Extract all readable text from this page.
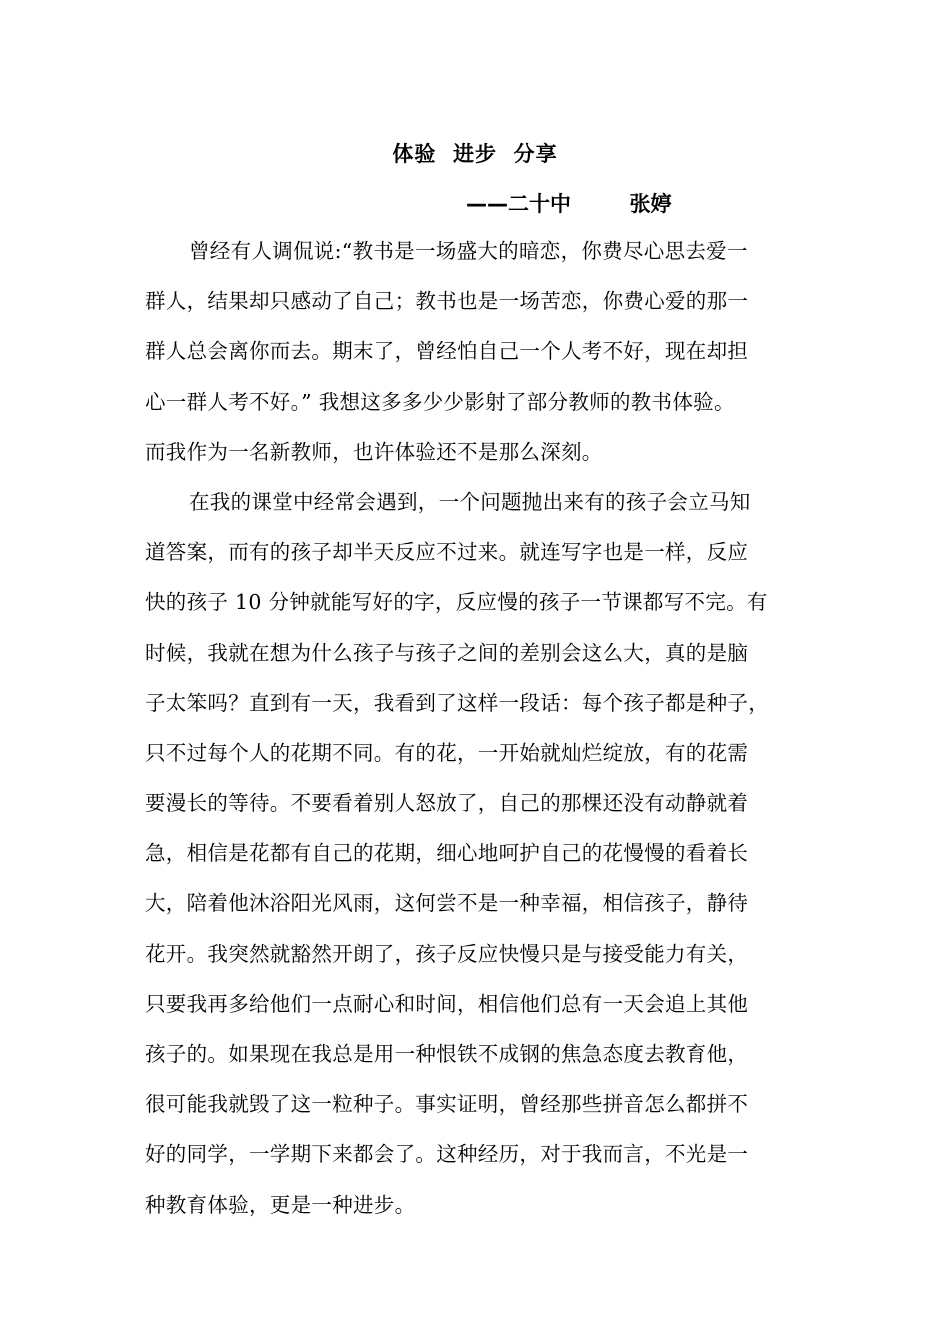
体验  进步  分享
——二十中        张婷
曾经有人调侃说:“教书是一场盛大的暗恋，你费尽心思去爱一
群人，结果却只感动了自己；教书也是一场苦恋，你费心爱的那一
群人总会离你而去。期末了，曾经怕自己一个人考不好，现在却担
心一群人考不好。” 我想这多多少少影射了部分教师的教书体验。
而我作为一名新教师，也许体验还不是那么深刻。
在我的课堂中经常会遇到，一个问题抛出来有的孩子会立马知
道答案，而有的孩子却半天反应不过来。就连写字也是一样，反应
快的孩子 10 分钟就能写好的字，反应慢的孩子一节课都写不完。有
时候，我就在想为什么孩子与孩子之间的差别会这么大，真的是脑
子太笨吗？直到有一天，我看到了这样一段话：每个孩子都是种子，
只不过每个人的花期不同。有的花，一开始就灿烂绽放，有的花需
要漫长的等待。不要看着别人怒放了，自己的那棵还没有动静就着
急，相信是花都有自己的花期，细心地呵护自己的花慢慢的看着长
大，陪着他沐浴阳光风雨，这何尝不是一种幸福，相信孩子，静待
花开。我突然就豁然开朗了，孩子反应快慢只是与接受能力有关，
只要我再多给他们一点耐心和时间，相信他们总有一天会追上其他
孩子的。如果现在我总是用一种恨铁不成钢的焦急态度去教育他，
很可能我就毁了这一粒种子。事实证明，曾经那些拼音怎么都拼不
好的同学，一学期下来都会了。这种经历，对于我而言，不光是一
种教育体验，更是一种进步。
